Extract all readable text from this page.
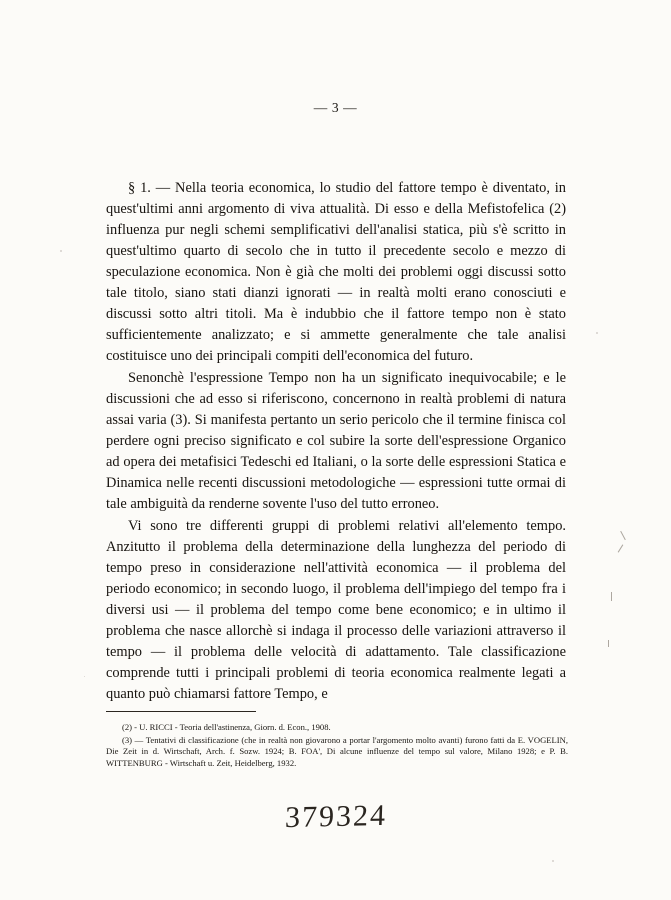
— 3 —

§ 1. — Nella teoria economica, lo studio del fattore tempo è diventato, in quest'ultimi anni argomento di viva attualità. Di esso e della Mefistofelica (2) influenza pur negli schemi semplificativi dell'analisi statica, più s'è scritto in quest'ultimo quarto di secolo che in tutto il precedente secolo e mezzo di speculazione economica. Non è già che molti dei problemi oggi discussi sotto tale titolo, siano stati dianzi ignorati — in realtà molti erano conosciuti e discussi sotto altri titoli. Ma è indubbio che il fattore tempo non è stato sufficientemente analizzato; e si ammette generalmente che tale analisi costituisce uno dei principali compiti dell'economica del futuro.

Senonchè l'espressione Tempo non ha un significato inequivocabile; e le discussioni che ad esso si riferiscono, concernono in realtà problemi di natura assai varia (3). Si manifesta pertanto un serio pericolo che il termine finisca col perdere ogni preciso significato e col subire la sorte dell'espressione Organico ad opera dei metafisici Tedeschi ed Italiani, o la sorte delle espressioni Statica e Dinamica nelle recenti discussioni metodologiche — espressioni tutte ormai di tale ambiguità da renderne sovente l'uso del tutto erroneo.

Vi sono tre differenti gruppi di problemi relativi all'elemento tempo. Anzitutto il problema della determinazione della lunghezza del periodo di tempo preso in considerazione nell'attività economica — il problema del periodo economico; in secondo luogo, il problema dell'impiego del tempo fra i diversi usi — il problema del tempo come bene economico; e in ultimo il problema che nasce allorchè si indaga il processo delle variazioni attraverso il tempo — il problema delle velocità di adattamento. Tale classificazione comprende tutti i principali problemi di teoria economica realmente legati a quanto può chiamarsi fattore Tempo, e

(2) - U. RICCI - Teoria dell'astinenza, Giorn. d. Econ., 1908.

(3) — Tentativi di classificazione (che in realtà non giovarono a portar l'argomento molto avanti) furono fatti da E. VOGELIN, Die Zeit in d. Wirtschaft, Arch. f. Sozw. 1924; B. FOA', Di alcune influenze del tempo sul valore, Milano 1928; e P. B. WITTENBURG - Wirtschaft u. Zeit, Heidelberg, 1932.

379324
